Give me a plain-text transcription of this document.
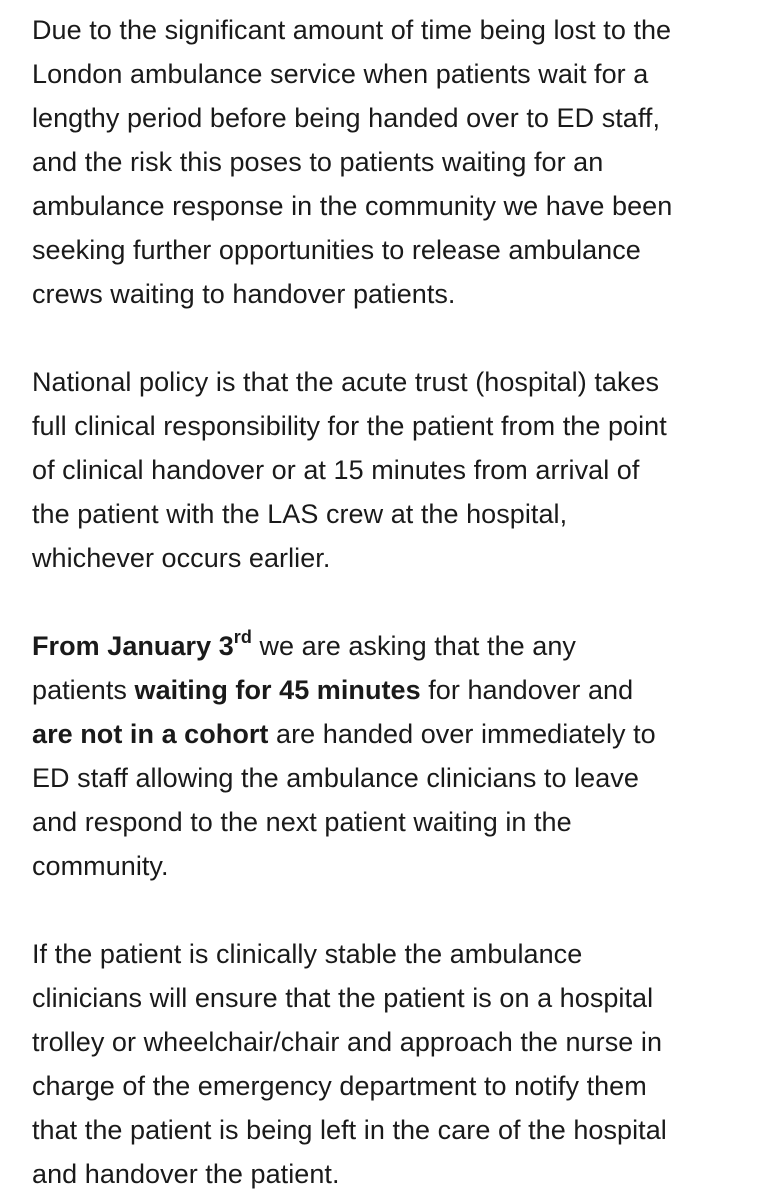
Due to the significant amount of time being lost to the
London ambulance service when patients wait for a
lengthy period before being handed over to ED staff,
and the risk this poses to patients waiting for an
ambulance response in the community we have been
seeking further opportunities to release ambulance
crews waiting to handover patients.

National policy is that the acute trust (hospital) takes
full clinical responsibility for the patient from the point
of clinical handover or at 15 minutes from arrival of
the patient with the LAS crew at the hospital,
whichever occurs earlier.

From January 3rd we are asking that the any
patients waiting for 45 minutes for handover and
are not in a cohort are handed over immediately to
ED staff allowing the ambulance clinicians to leave
and respond to the next patient waiting in the
community.

If the patient is clinically stable the ambulance
clinicians will ensure that the patient is on a hospital
trolley or wheelchair/chair and approach the nurse in
charge of the emergency department to notify them
that the patient is being left in the care of the hospital
and handover the patient.
